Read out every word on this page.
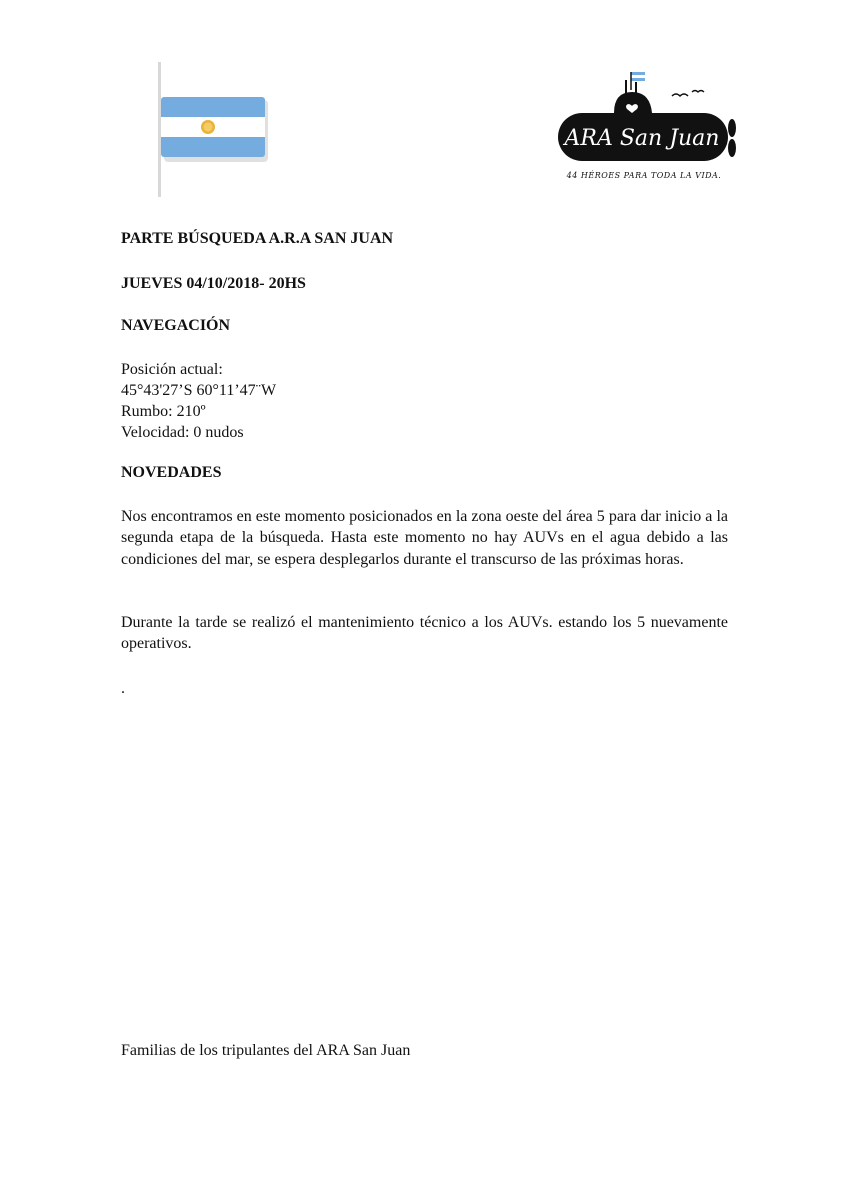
ARA San Juan
44 HÉROES PARA TODA LA VIDA.

PARTE BÚSQUEDA A.R.A SAN JUAN

JUEVES 04/10/2018- 20HS

NAVEGACIÓN

Posición actual:

45°43'27’S 60°11’47¨W

Rumbo: 210º

Velocidad: 0 nudos

NOVEDADES

Nos encontramos en este momento posicionados en la zona oeste del área 5 para dar inicio a la segunda etapa de la búsqueda. Hasta este momento no hay AUVs en el agua debido a las condiciones del mar, se espera desplegarlos durante el transcurso de las próximas horas.

Durante la tarde se realizó el mantenimiento técnico a los AUVs. estando los 5 nuevamente operativos.

.

Familias de los tripulantes del ARA San Juan
